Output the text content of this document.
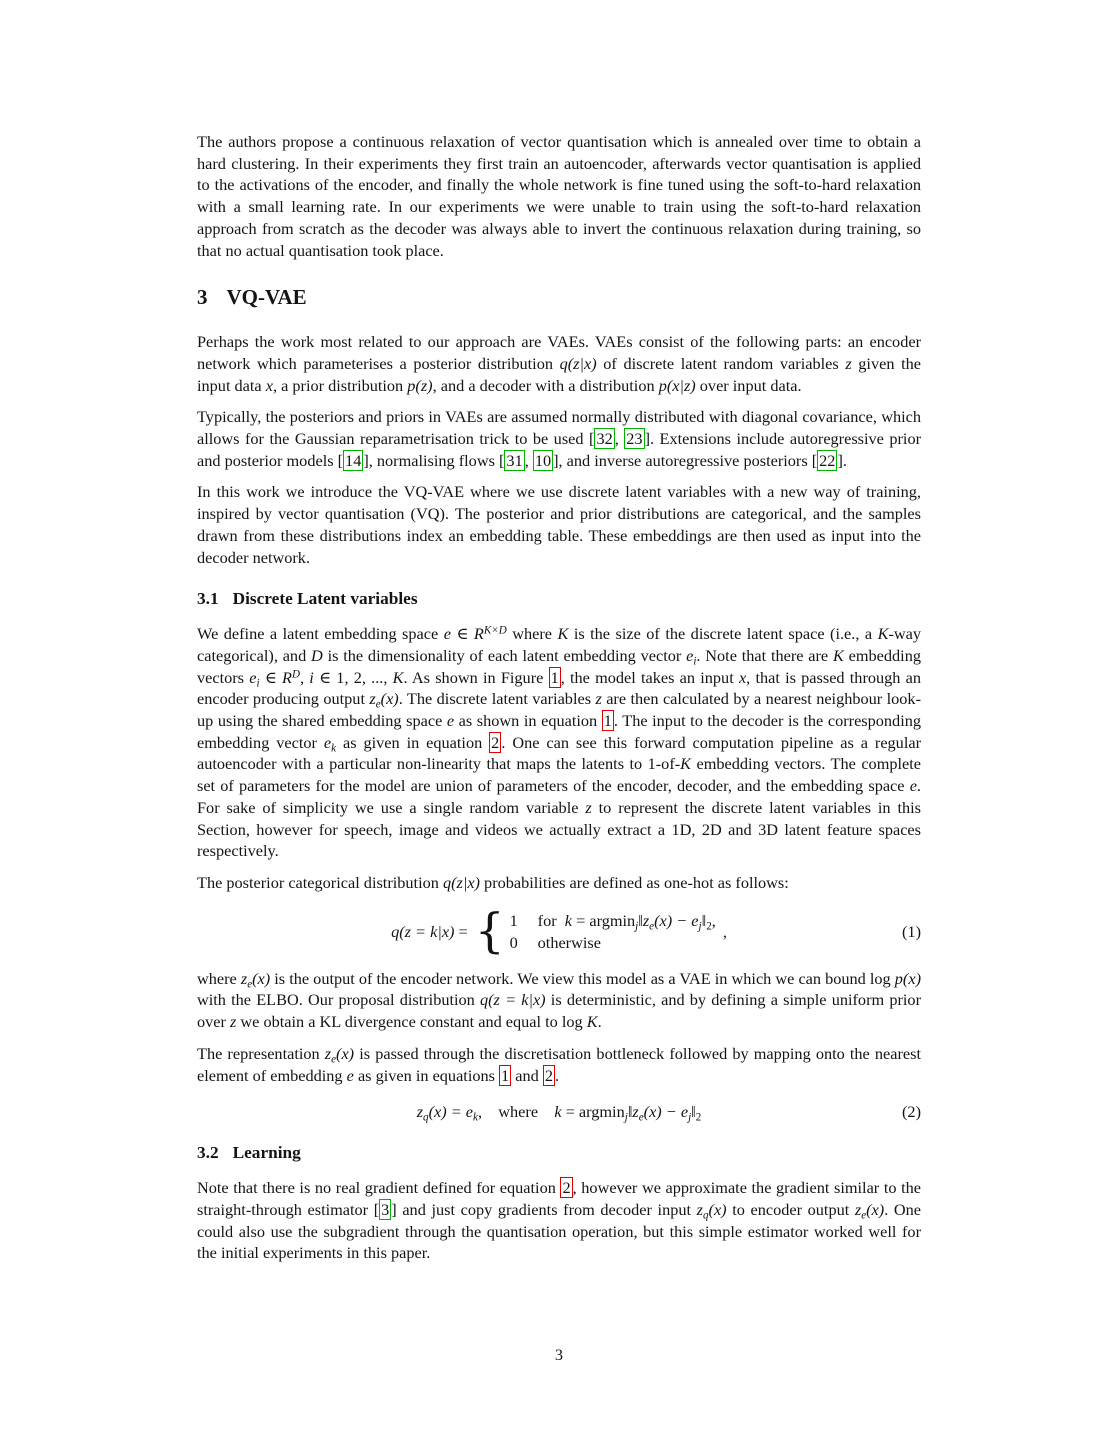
The authors propose a continuous relaxation of vector quantisation which is annealed over time to obtain a hard clustering. In their experiments they first train an autoencoder, afterwards vector quantisation is applied to the activations of the encoder, and finally the whole network is fine tuned using the soft-to-hard relaxation with a small learning rate. In our experiments we were unable to train using the soft-to-hard relaxation approach from scratch as the decoder was always able to invert the continuous relaxation during training, so that no actual quantisation took place.

3 VQ-VAE

Perhaps the work most related to our approach are VAEs. VAEs consist of the following parts: an encoder network which parameterises a posterior distribution q(z|x) of discrete latent random variables z given the input data x, a prior distribution p(z), and a decoder with a distribution p(x|z) over input data.

Typically, the posteriors and priors in VAEs are assumed normally distributed with diagonal covariance, which allows for the Gaussian reparametrisation trick to be used [ 32 , 23 ]. Extensions include autoregressive prior and posterior models [ 14 ], normalising flows [ 31 , 10 ], and inverse autoregressive posteriors [ 22 ].

In this work we introduce the VQ-VAE where we use discrete latent variables with a new way of training, inspired by vector quantisation (VQ). The posterior and prior distributions are categorical, and the samples drawn from these distributions index an embedding table. These embeddings are then used as input into the decoder network.

3.1 Discrete Latent variables

We define a latent embedding space e ∈ $R^{K\times D}$ where K is the size of the discrete latent space (i.e., a K-way categorical), and D is the dimensionality of each latent embedding vector $e_i$. Note that there are K embedding vectors $e_i$ ∈ $R^D$, i ∈ 1, 2, ..., K. As shown in Figure 1 , the model takes an input x, that is passed through an encoder producing output $z_e(x)$. The discrete latent variables z are then calculated by a nearest neighbour look-up using the shared embedding space e as shown in equation 1 . The input to the decoder is the corresponding embedding vector $e_k$ as given in equation 2 . One can see this forward computation pipeline as a regular autoencoder with a particular non-linearity that maps the latents to 1-of-K embedding vectors. The complete set of parameters for the model are union of parameters of the encoder, decoder, and the embedding space e. For sake of simplicity we use a single random variable z to represent the discrete latent variables in this Section, however for speech, image and videos we actually extract a 1D, 2D and 3D latent feature spaces respectively.

The posterior categorical distribution q(z|x) probabilities are defined as one-hot as follows:

q(z = k|x) = { 1 for $k = argmin_j‖z_e(x)$ − $e_j‖_2$,
0 otherwise
,	(1)

where $z_e(x)$ is the output of the encoder network. We view this model as a VAE in which we can bound log p(x) with the ELBO. Our proposal distribution q(z = k|x) is deterministic, and by defining a simple uniform prior over z we obtain a KL divergence constant and equal to log K.

The representation $z_e(x)$ is passed through the discretisation bottleneck followed by mapping onto the nearest element of embedding e as given in equations 1 and 2 .

$z_q(x) = e_k$, where $k = argmin_j‖z_e(x)$ − $e_j‖_2$	(2)
3.2 Learning

Note that there is no real gradient defined for equation 2 , however we approximate the gradient similar to the straight-through estimator [ 3 ] and just copy gradients from decoder input $z_q(x)$ to encoder output $z_e(x)$. One could also use the subgradient through the quantisation operation, but this simple estimator worked well for the initial experiments in this paper.

3
